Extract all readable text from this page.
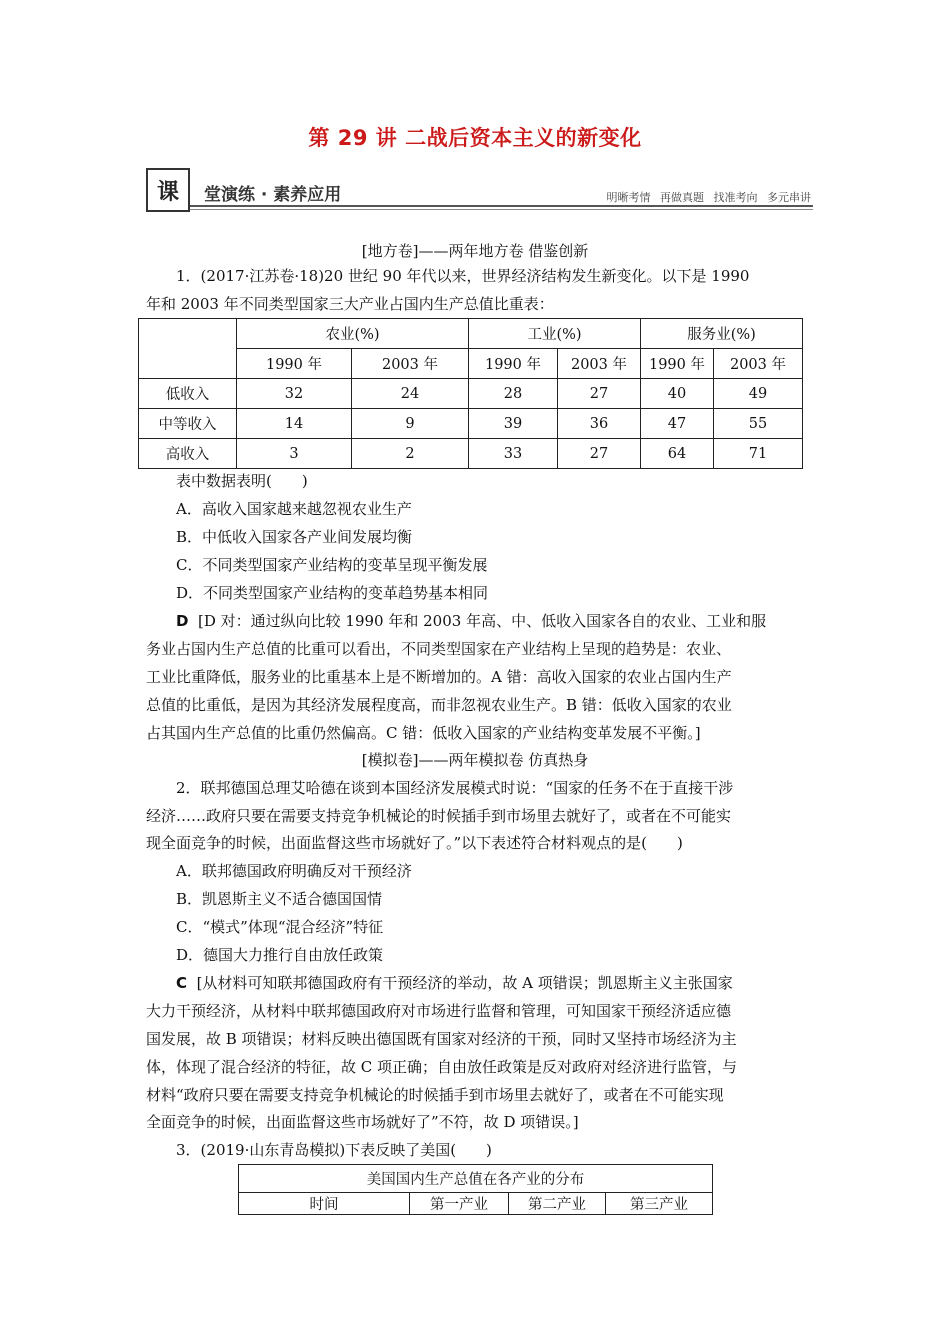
第 29 讲 二战后资本主义的新变化
课	堂演练 · 素养应用	明晰考情 再做真题 找准考向 多元串讲
[地方卷]——两年地方卷 借鉴创新
1．(2017·江苏卷·18)20 世纪 90 年代以来，世界经济结构发生新变化。以下是 1990
年和 2003 年不同类型国家三大产业占国内生产总值比重表：
	农业(%)		工业(%)		服务业(%)	
	1990 年	2003 年	1990 年	2003 年	1990 年	2003 年
低收入	32	24	28	27	40	49
中等收入	14	9	39	36	47	55
高收入	3	2	33	27	64	71
表中数据表明(　　)
A．高收入国家越来越忽视农业生产
B．中低收入国家各产业间发展均衡
C．不同类型国家产业结构的变革呈现平衡发展
D．不同类型国家产业结构的变革趋势基本相同
D [D 对：通过纵向比较 1990 年和 2003 年高、中、低收入国家各自的农业、工业和服
务业占国内生产总值的比重可以看出，不同类型国家在产业结构上呈现的趋势是：农业、
工业比重降低，服务业的比重基本上是不断增加的。A 错：高收入国家的农业占国内生产
总值的比重低，是因为其经济发展程度高，而非忽视农业生产。B 错：低收入国家的农业
占其国内生产总值的比重仍然偏高。C 错：低收入国家的产业结构变革发展不平衡。]
[模拟卷]——两年模拟卷 仿真热身
2．联邦德国总理艾哈德在谈到本国经济发展模式时说：“国家的任务不在于直接干涉
经济……政府只要在需要支持竞争机械论的时候插手到市场里去就好了，或者在不可能实
现全面竞争的时候，出面监督这些市场就好了。”以下表述符合材料观点的是(　　)
A．联邦德国政府明确反对干预经济
B．凯恩斯主义不适合德国国情
C．“模式”体现“混合经济”特征
D．德国大力推行自由放任政策
C [从材料可知联邦德国政府有干预经济的举动，故 A 项错误；凯恩斯主义主张国家
大力干预经济，从材料中联邦德国政府对市场进行监督和管理，可知国家干预经济适应德
国发展，故 B 项错误；材料反映出德国既有国家对经济的干预，同时又坚持市场经济为主
体，体现了混合经济的特征，故 C 项正确；自由放任政策是反对政府对经济进行监管，与
材料“政府只要在需要支持竞争机械论的时候插手到市场里去就好了，或者在不可能实现
全面竞争的时候，出面监督这些市场就好了”不符，故 D 项错误。]
3．(2019·山东青岛模拟)下表反映了美国(　　)
美国国内生产总值在各产业的分布
时间	第一产业	第二产业	第三产业
